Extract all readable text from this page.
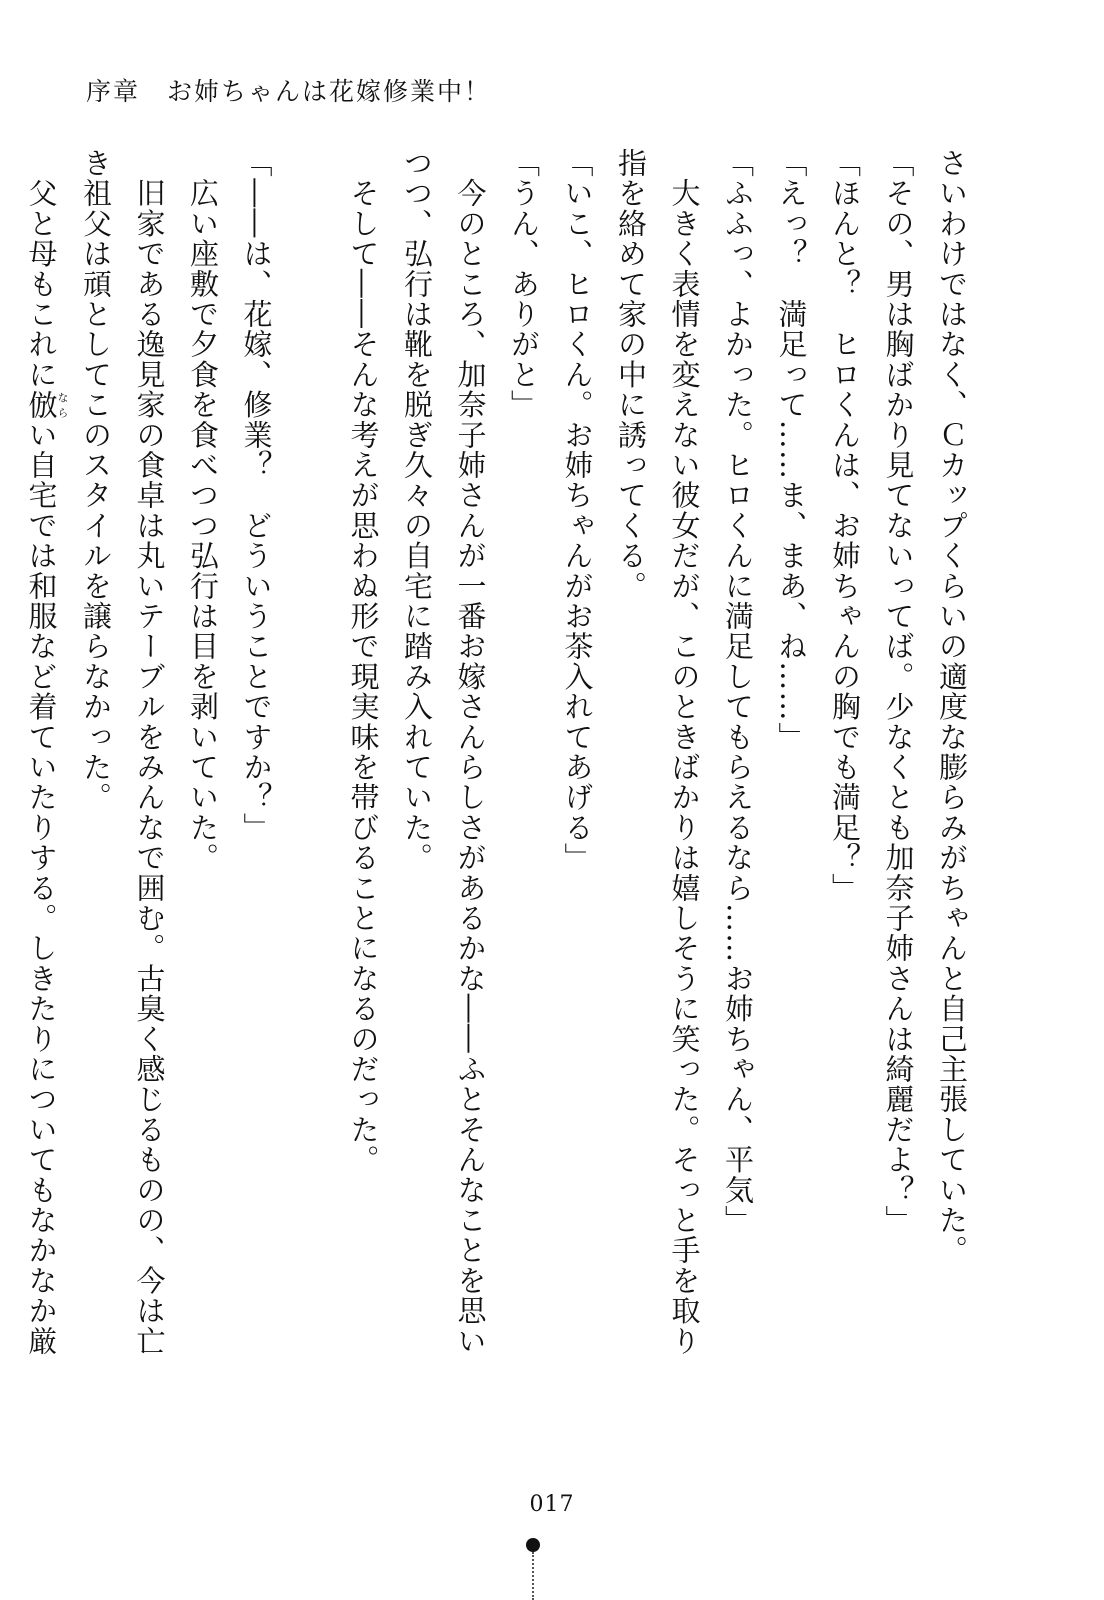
序章　お姉ちゃんは花嫁修業中！

さいわけではなく、Ｃカップくらいの適度な膨らみがちゃんと自己主張していた。

「その、男は胸ばかり見てないってば。少なくとも加奈子姉さんは綺麗だよ？」

「ほんと？　ヒロくんは、お姉ちゃんの胸でも満足？」

「えっ？　満足って……ま、まあ、ね……」

「ふふっ、よかった。ヒロくんに満足してもらえるなら……お姉ちゃん、平気」

　大きく表情を変えない彼女だが、このときばかりは嬉しそうに笑った。そっと手を取り

指を絡めて家の中に誘ってくる。

「いこ、ヒロくん。お姉ちゃんがお茶入れてあげる」

「うん、ありがと」

　今のところ、加奈子姉さんが一番お嫁さんらしさがあるかな――ふとそんなことを思い

つつ、弘行は靴を脱ぎ久々の自宅に踏み入れていた。

　そして――そんな考えが思わぬ形で現実味を帯びることになるのだった。

「――は、花嫁、修業？　どういうことですか？」

　広い座敷で夕食を食べつつ弘行は目を剥いていた。

　旧家である逸見家の食卓は丸いテーブルをみんなで囲む。古臭く感じるものの、今は亡

き祖父は頑としてこのスタイルを譲らなかった。

　父と母もこれに倣ならい自宅では和服など着ていたりする。しきたりについてもなかなか厳

017
